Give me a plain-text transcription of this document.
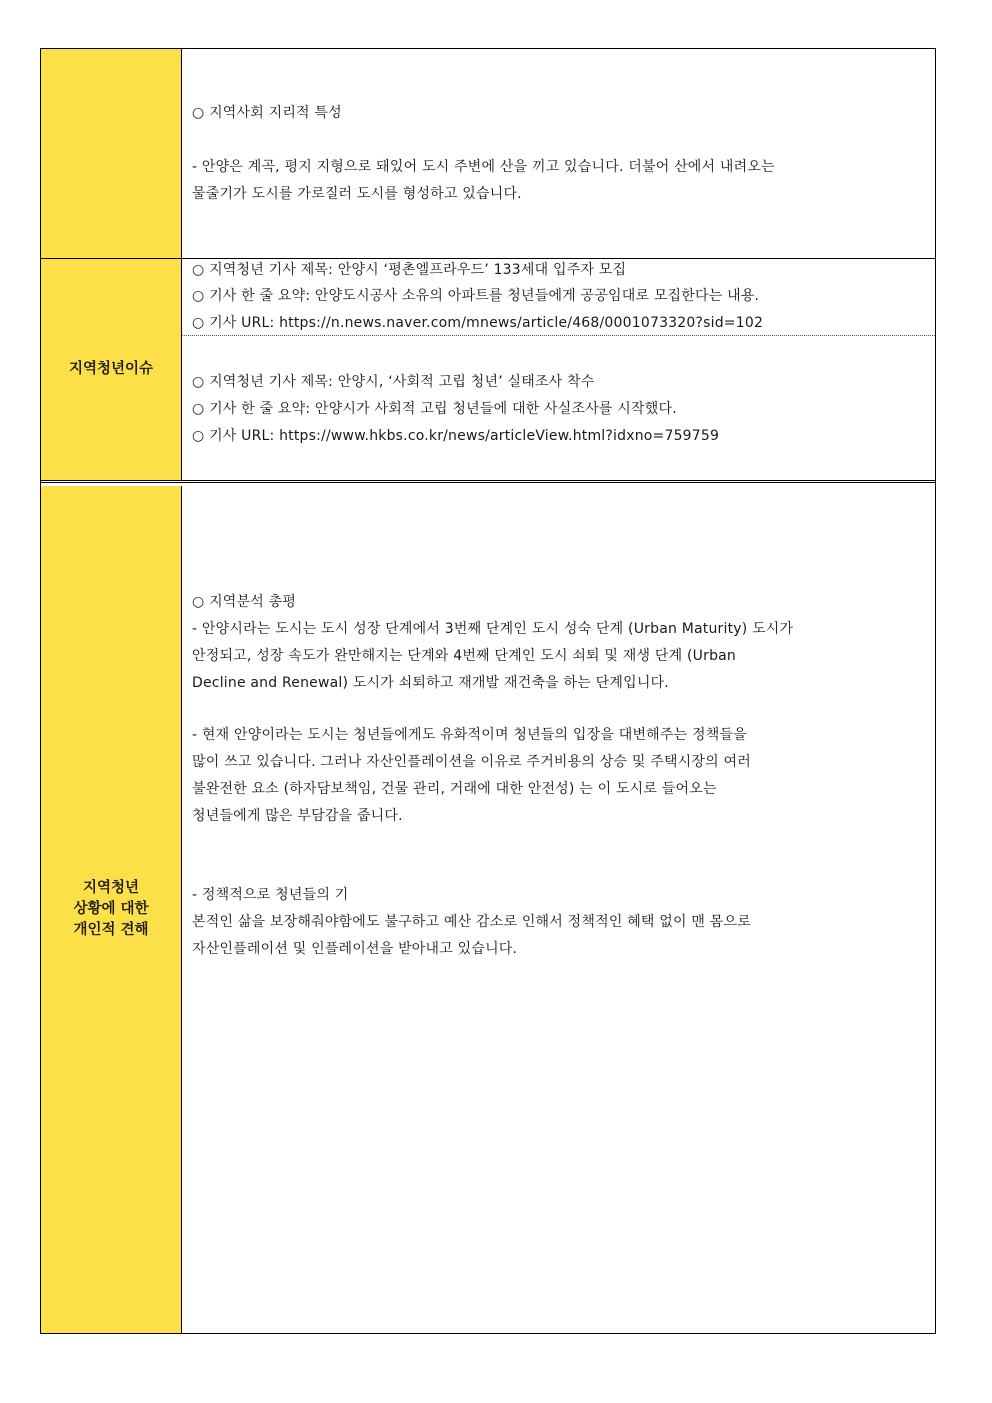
○ 지역사회 지리적 특성
- 안양은 계곡, 평지 지형으로 돼있어 도시 주변에 산을 끼고 있습니다. 더불어 산에서 내려오는
물줄기가 도시를 가로질러 도시를 형성하고 있습니다.
지역청년이슈
○ 지역청년 기사 제목: 안양시 ‘평촌엘프라우드’ 133세대 입주자 모집
○ 기사 한 줄 요약: 안양도시공사 소유의 아파트를 청년들에게 공공임대로 모집한다는 내용.
○ 기사 URL: https://n.news.naver.com/mnews/article/468/0001073320?sid=102
○ 지역청년 기사 제목: 안양시, ‘사회적 고립 청년’ 실태조사 착수
○ 기사 한 줄 요약: 안양시가 사회적 고립 청년들에 대한 사실조사를 시작했다.
○ 기사 URL: https://www.hkbs.co.kr/news/articleView.html?idxno=759759
지역청년
상황에 대한
개인적 견해
○ 지역분석 총평
- 안양시라는 도시는 도시 성장 단계에서 3번째 단계인 도시 성숙 단계 (Urban Maturity) 도시가
안정되고, 성장 속도가 완만해지는 단계와 4번째 단계인 도시 쇠퇴 및 재생 단계 (Urban
Decline and Renewal) 도시가 쇠퇴하고 재개발 재건축을 하는 단계입니다.
- 현재 안양이라는 도시는 청년들에게도 유화적이며 청년들의 입장을 대변해주는 정책들을
많이 쓰고 있습니다. 그러나 자산인플레이션을 이유로 주거비용의 상승 및 주택시장의 여러
불완전한 요소 (하자담보책임, 건물 관리, 거래에 대한 안전성) 는 이 도시로 들어오는
청년들에게 많은 부담감을 줍니다.
- 정책적으로 청년들의 기
본적인 삶을 보장해줘야함에도 불구하고 예산 감소로 인해서 정책적인 혜택 없이 맨 몸으로
자산인플레이션 및 인플레이션을 받아내고 있습니다.
